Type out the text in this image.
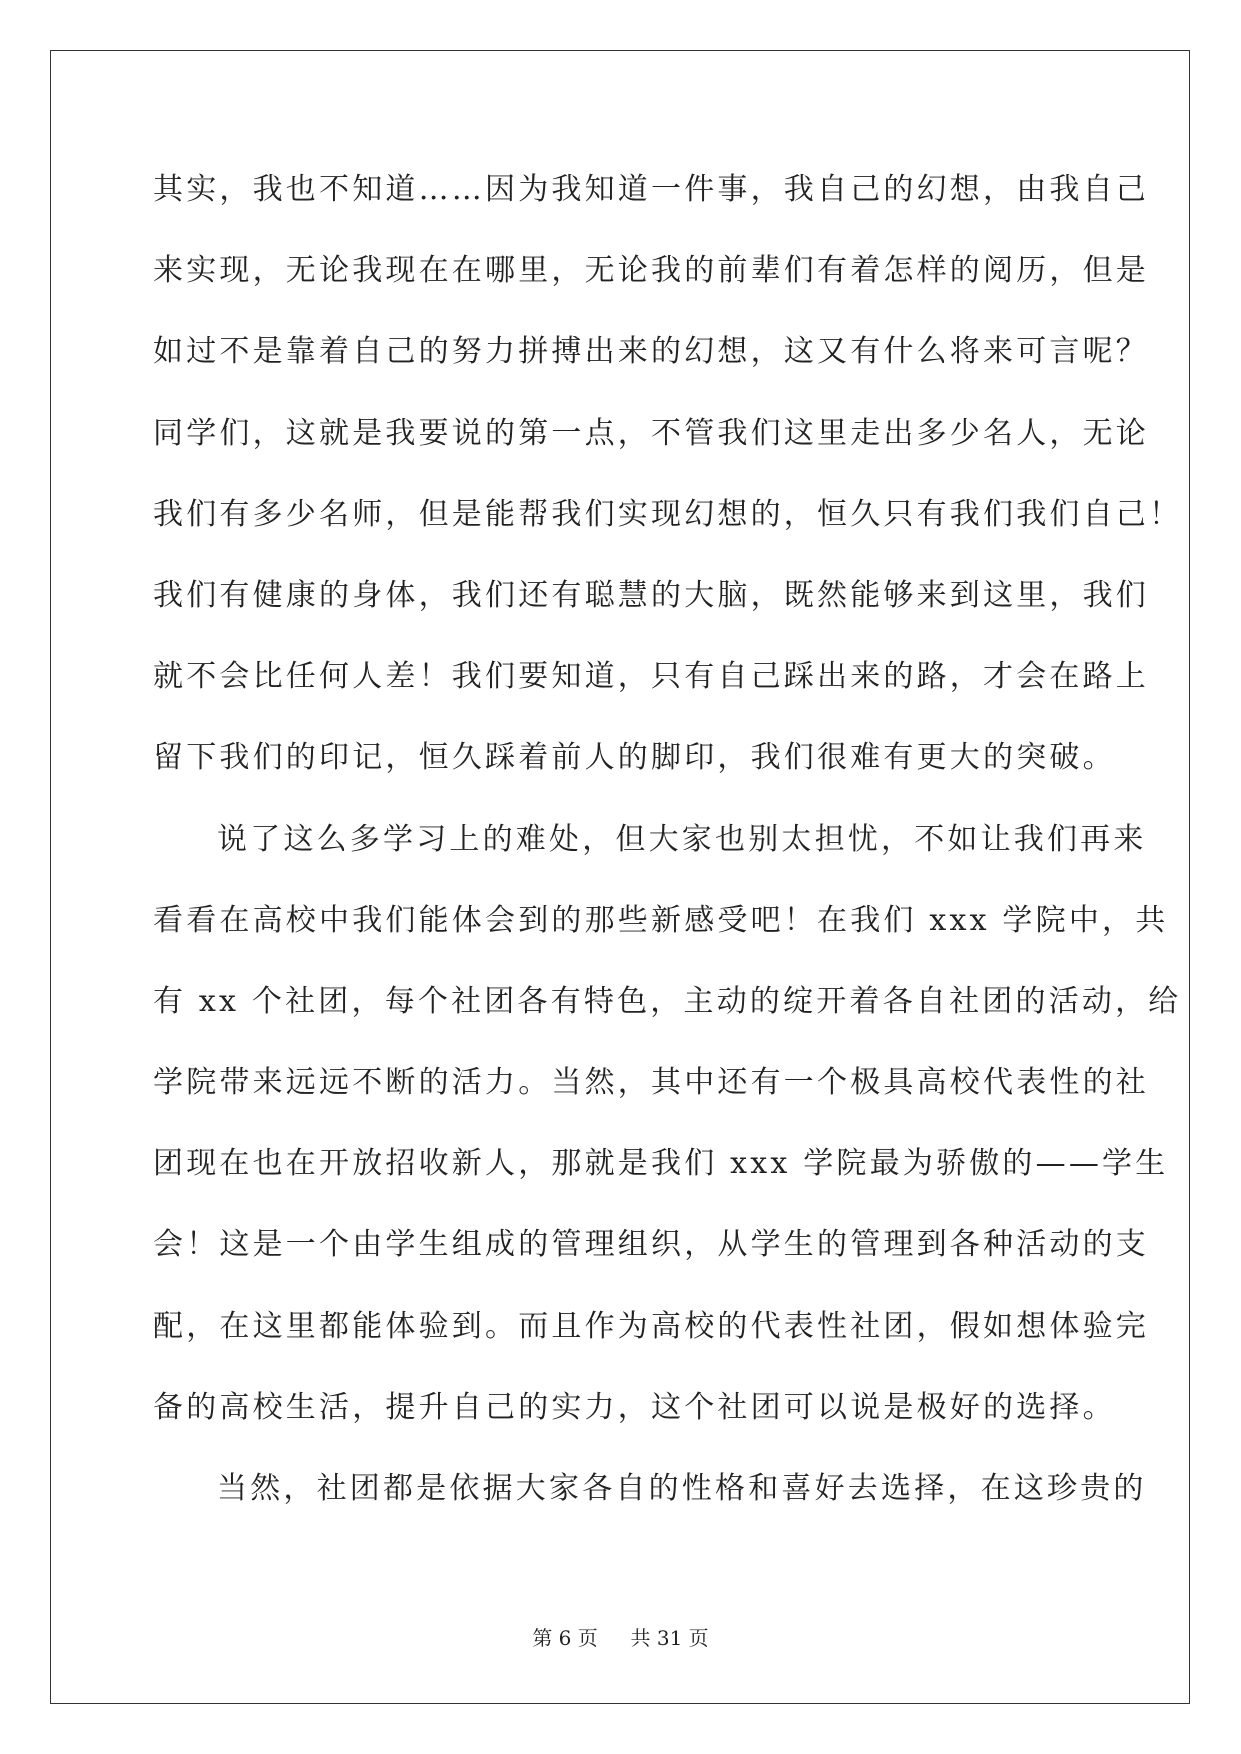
其实，我也不知道……因为我知道一件事，我自己的幻想，由我自己
来实现，无论我现在在哪里，无论我的前辈们有着怎样的阅历，但是
如过不是靠着自己的努力拼搏出来的幻想，这又有什么将来可言呢？
同学们，这就是我要说的第一点，不管我们这里走出多少名人，无论
我们有多少名师，但是能帮我们实现幻想的，恒久只有我们我们自己！
我们有健康的身体，我们还有聪慧的大脑，既然能够来到这里，我们
就不会比任何人差！我们要知道，只有自己踩出来的路，才会在路上
留下我们的印记，恒久踩着前人的脚印，我们很难有更大的突破。
说了这么多学习上的难处，但大家也别太担忧，不如让我们再来
看看在高校中我们能体会到的那些新感受吧！在我们 xxx 学院中，共
有 xx 个社团，每个社团各有特色，主动的绽开着各自社团的活动，给
学院带来远远不断的活力。当然，其中还有一个极具高校代表性的社
团现在也在开放招收新人，那就是我们 xxx 学院最为骄傲的——学生
会！这是一个由学生组成的管理组织，从学生的管理到各种活动的支
配，在这里都能体验到。而且作为高校的代表性社团，假如想体验完
备的高校生活，提升自己的实力，这个社团可以说是极好的选择。
当然，社团都是依据大家各自的性格和喜好去选择，在这珍贵的
第 6 页 共 31 页
